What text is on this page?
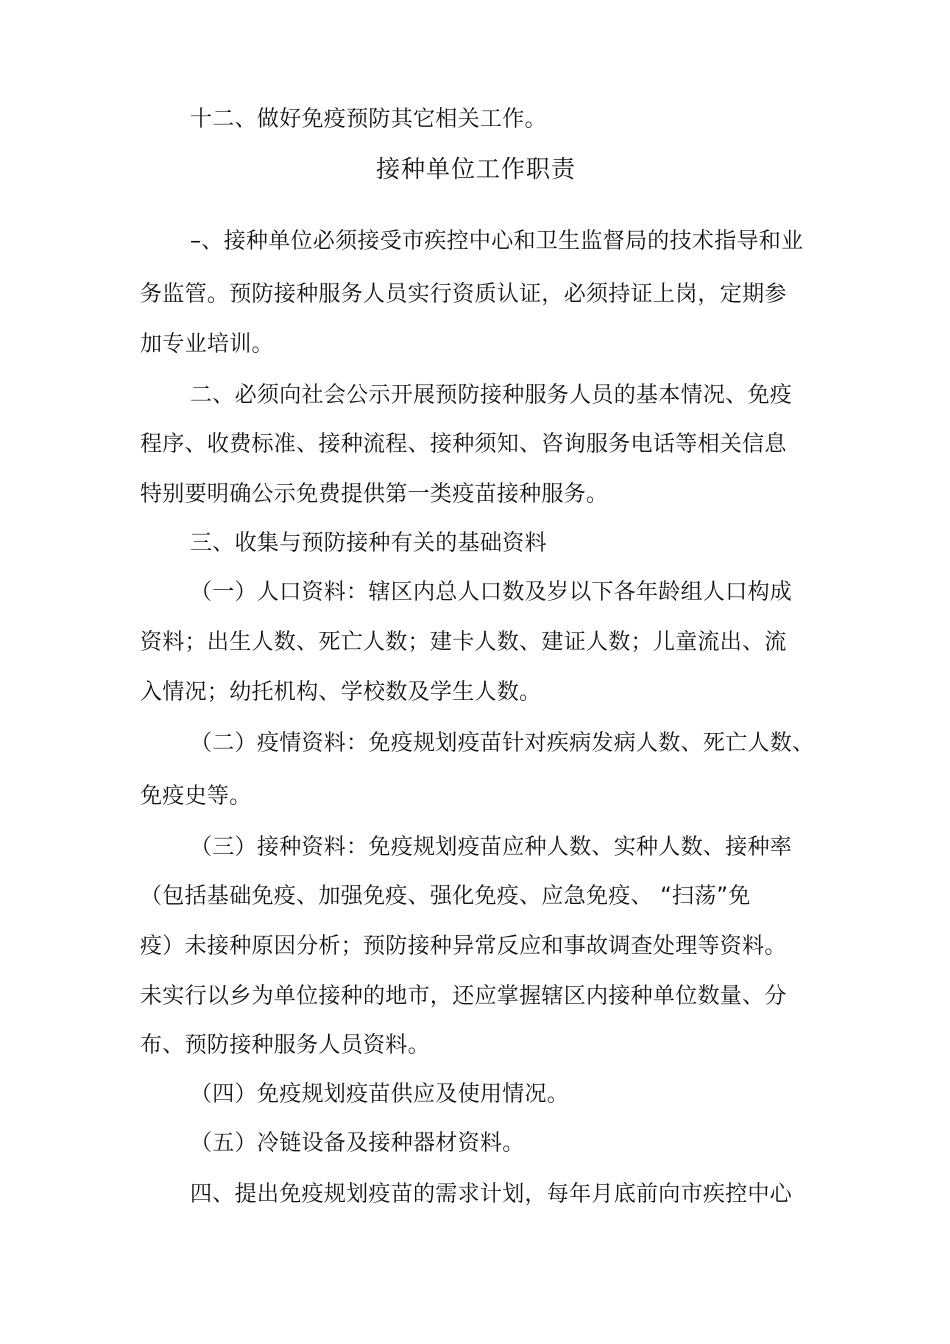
十二、做好免疫预防其它相关工作。
接种单位工作职责
–、接种单位必须接受市疾控中心和卫生监督局的技术指导和业
务监管。预防接种服务人员实行资质认证，必须持证上岗，定期参
加专业培训。
二、必须向社会公示开展预防接种服务人员的基本情况、免疫
程序、收费标准、接种流程、接种须知、咨询服务电话等相关信息
特别要明确公示免费提供第一类疫苗接种服务。
三、收集与预防接种有关的基础资料
（一）人口资料：辖区内总人口数及岁以下各年龄组人口构成
资料；出生人数、死亡人数；建卡人数、建证人数；儿童流出、流
入情况；幼托机构、学校数及学生人数。
（二）疫情资料：免疫规划疫苗针对疾病发病人数、死亡人数、
免疫史等。
（三）接种资料：免疫规划疫苗应种人数、实种人数、接种率
（包括基础免疫、加强免疫、强化免疫、应急免疫、 “扫荡”免
疫）未接种原因分析；预防接种异常反应和事故调查处理等资料。
未实行以乡为单位接种的地市，还应掌握辖区内接种单位数量、分
布、预防接种服务人员资料。
（四）免疫规划疫苗供应及使用情况。
（五）冷链设备及接种器材资料。
四、提出免疫规划疫苗的需求计划，每年月底前向市疾控中心
